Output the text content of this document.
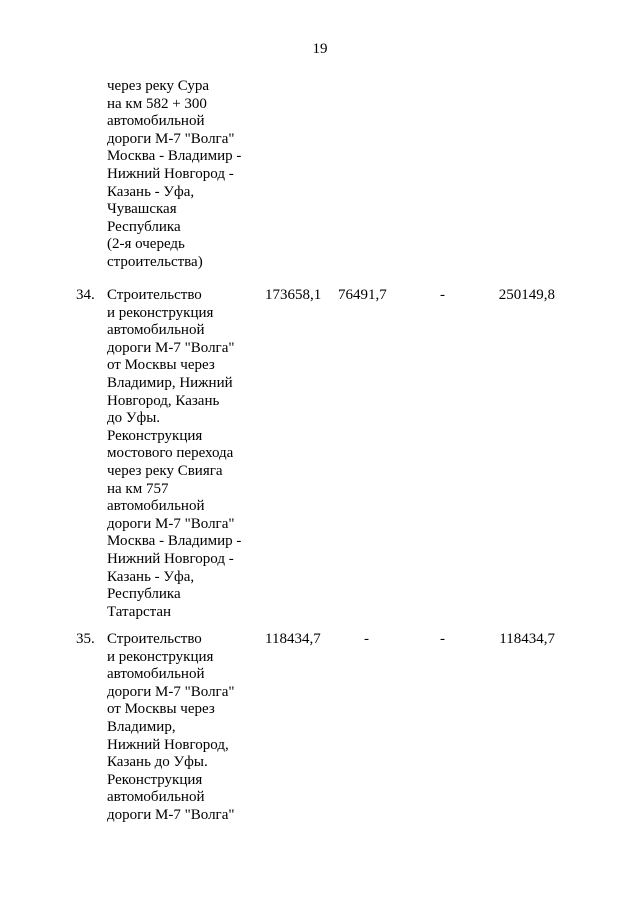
19
через реку Сура
на км 582 + 300
автомобильной
дороги М-7 "Волга"
Москва - Владимир -
Нижний Новгород -
Казань - Уфа,
Чувашская
Республика
(2-я очередь
строительства)
34. Строительство
и реконструкция
автомобильной
дороги М-7 "Волга"
от Москвы через
Владимир, Нижний
Новгород, Казань
до Уфы.
Реконструкция
мостового перехода
через реку Свияга
на км 757
автомобильной
дороги М-7 "Волга"
Москва - Владимир -
Нижний Новгород -
Казань - Уфа,
Республика
Татарстан
173658,1 76491,7	-	250149,8
35. Строительство
и реконструкция
автомобильной
дороги М-7 "Волга"
от Москвы через
Владимир,
Нижний Новгород,
Казань до Уфы.
Реконструкция
автомобильной
дороги М-7 "Волга"
118434,7	-	-	118434,7
